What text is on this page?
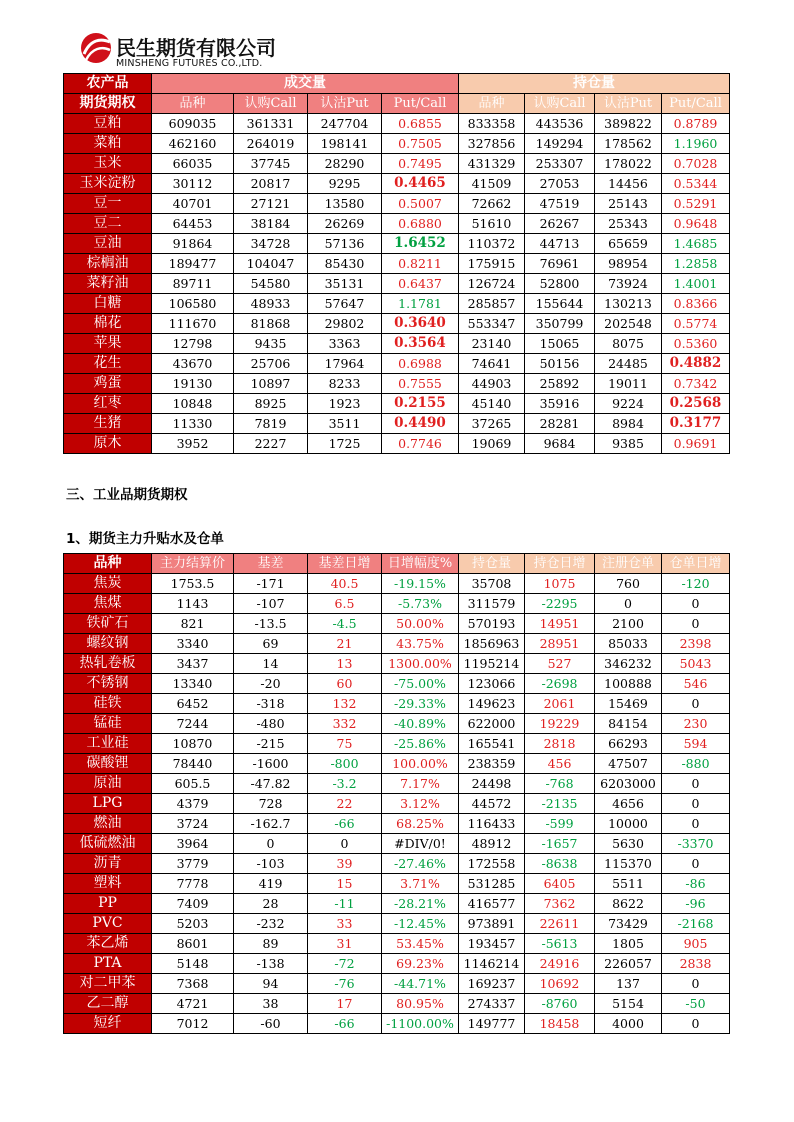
民生期货有限公司
MINSHENG FUTURES CO.,LTD.
农产品	成交量				持仓量			
期货期权	品种	认购Call	认沽Put	Put/Call	品种	认购Call	认沽Put	Put/Call
豆粕	609035	361331	247704	0.6855	833358	443536	389822	0.8789
菜粕	462160	264019	198141	0.7505	327856	149294	178562	1.1960
玉米	66035	37745	28290	0.7495	431329	253307	178022	0.7028
玉米淀粉	30112	20817	9295	0.4465	41509	27053	14456	0.5344
豆一	40701	27121	13580	0.5007	72662	47519	25143	0.5291
豆二	64453	38184	26269	0.6880	51610	26267	25343	0.9648
豆油	91864	34728	57136	1.6452	110372	44713	65659	1.4685
棕榈油	189477	104047	85430	0.8211	175915	76961	98954	1.2858
菜籽油	89711	54580	35131	0.6437	126724	52800	73924	1.4001
白糖	106580	48933	57647	1.1781	285857	155644	130213	0.8366
棉花	111670	81868	29802	0.3640	553347	350799	202548	0.5774
苹果	12798	9435	3363	0.3564	23140	15065	8075	0.5360
花生	43670	25706	17964	0.6988	74641	50156	24485	0.4882
鸡蛋	19130	10897	8233	0.7555	44903	25892	19011	0.7342
红枣	10848	8925	1923	0.2155	45140	35916	9224	0.2568
生猪	11330	7819	3511	0.4490	37265	28281	8984	0.3177
原木	3952	2227	1725	0.7746	19069	9684	9385	0.9691
三、工业品期货期权
1、期货主力升贴水及仓单
品种	主力结算价	基差	基差日增	日增幅度%	持仓量	持仓日增	注册仓单	仓单日增
焦炭	1753.5	-171	40.5	-19.15%	35708	1075	760	-120
焦煤	1143	-107	6.5	-5.73%	311579	-2295	0	0
铁矿石	821	-13.5	-4.5	50.00%	570193	14951	2100	0
螺纹钢	3340	69	21	43.75%	1856963	28951	85033	2398
热轧卷板	3437	14	13	1300.00%	1195214	527	346232	5043
不锈钢	13340	-20	60	-75.00%	123066	-2698	100888	546
硅铁	6452	-318	132	-29.33%	149623	2061	15469	0
锰硅	7244	-480	332	-40.89%	622000	19229	84154	230
工业硅	10870	-215	75	-25.86%	165541	2818	66293	594
碳酸锂	78440	-1600	-800	100.00%	238359	456	47507	-880
原油	605.5	-47.82	-3.2	7.17%	24498	-768	6203000	0
LPG	4379	728	22	3.12%	44572	-2135	4656	0
燃油	3724	-162.7	-66	68.25%	116433	-599	10000	0
低硫燃油	3964	0	0	#DIV/0!	48912	-1657	5630	-3370
沥青	3779	-103	39	-27.46%	172558	-8638	115370	0
塑料	7778	419	15	3.71%	531285	6405	5511	-86
PP	7409	28	-11	-28.21%	416577	7362	8622	-96
PVC	5203	-232	33	-12.45%	973891	22611	73429	-2168
苯乙烯	8601	89	31	53.45%	193457	-5613	1805	905
PTA	5148	-138	-72	69.23%	1146214	24916	226057	2838
对二甲苯	7368	94	-76	-44.71%	169237	10692	137	0
乙二醇	4721	38	17	80.95%	274337	-8760	5154	-50
短纤	7012	-60	-66	-1100.00%	149777	18458	4000	0
